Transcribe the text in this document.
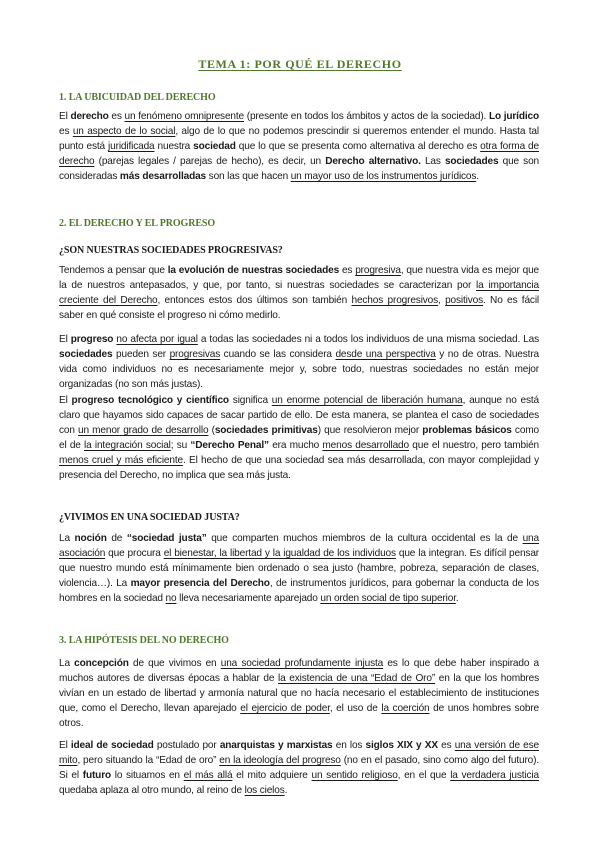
TEMA 1: POR QUÉ EL DERECHO
1. LA UBICUIDAD DEL DERECHO

El derecho es un fenómeno omnipresente (presente en todos los ámbitos y actos de la sociedad). Lo jurídico es un aspecto de lo social, algo de lo que no podemos prescindir si queremos entender el mundo. Hasta tal punto está juridificada nuestra sociedad que lo que se presenta como alternativa al derecho es otra forma de derecho (parejas legales / parejas de hecho), es decir, un Derecho alternativo. Las sociedades que son consideradas más desarrolladas son las que hacen un mayor uso de los instrumentos jurídicos.

2. EL DERECHO Y EL PROGRESO
¿SON NUESTRAS SOCIEDADES PROGRESIVAS?

Tendemos a pensar que la evolución de nuestras sociedades es progresiva, que nuestra vida es mejor que la de nuestros antepasados, y que, por tanto, si nuestras sociedades se caracterizan por la importancia creciente del Derecho, entonces estos dos últimos son también hechos progresivos, positivos. No es fácil saber en qué consiste el progreso ni cómo medirlo.

El progreso no afecta por igual a todas las sociedades ni a todos los individuos de una misma sociedad. Las sociedades pueden ser progresivas cuando se las considera desde una perspectiva y no de otras. Nuestra vida como individuos no es necesariamente mejor y, sobre todo, nuestras sociedades no están mejor organizadas (no son más justas).

El progreso tecnológico y científico significa un enorme potencial de liberación humana, aunque no está claro que hayamos sido capaces de sacar partido de ello. De esta manera, se plantea el caso de sociedades con un menor grado de desarrollo (sociedades primitivas) que resolvieron mejor problemas básicos como el de la integración social; su “Derecho Penal” era mucho menos desarrollado que el nuestro, pero también menos cruel y más eficiente. El hecho de que una sociedad sea más desarrollada, con mayor complejidad y presencia del Derecho, no implica que sea más justa.

¿VIVIMOS EN UNA SOCIEDAD JUSTA?

La noción de “sociedad justa” que comparten muchos miembros de la cultura occidental es la de una asociación que procura el bienestar, la libertad y la igualdad de los individuos que la integran. Es difícil pensar que nuestro mundo está mínimamente bien ordenado o sea justo (hambre, pobreza, separación de clases, violencia…). La mayor presencia del Derecho, de instrumentos jurídicos, para gobernar la conducta de los hombres en la sociedad no lleva necesariamente aparejado un orden social de tipo superior.

3. LA HIPÓTESIS DEL NO DERECHO

La concepción de que vivimos en una sociedad profundamente injusta es lo que debe haber inspirado a muchos autores de diversas épocas a hablar de la existencia de una “Edad de Oro” en la que los hombres vivían en un estado de libertad y armonía natural que no hacía necesario el establecimiento de instituciones que, como el Derecho, llevan aparejado el ejercicio de poder, el uso de la coerción de unos hombres sobre otros.

El ideal de sociedad postulado por anarquistas y marxistas en los siglos XIX y XX es una versión de ese mito, pero situando la “Edad de oro” en la ideología del progreso (no en el pasado, sino como algo del futuro). Si el futuro lo situamos en el más allá el mito adquiere un sentido religioso, en el que la verdadera justicia quedaba aplaza al otro mundo, al reino de los cielos.
